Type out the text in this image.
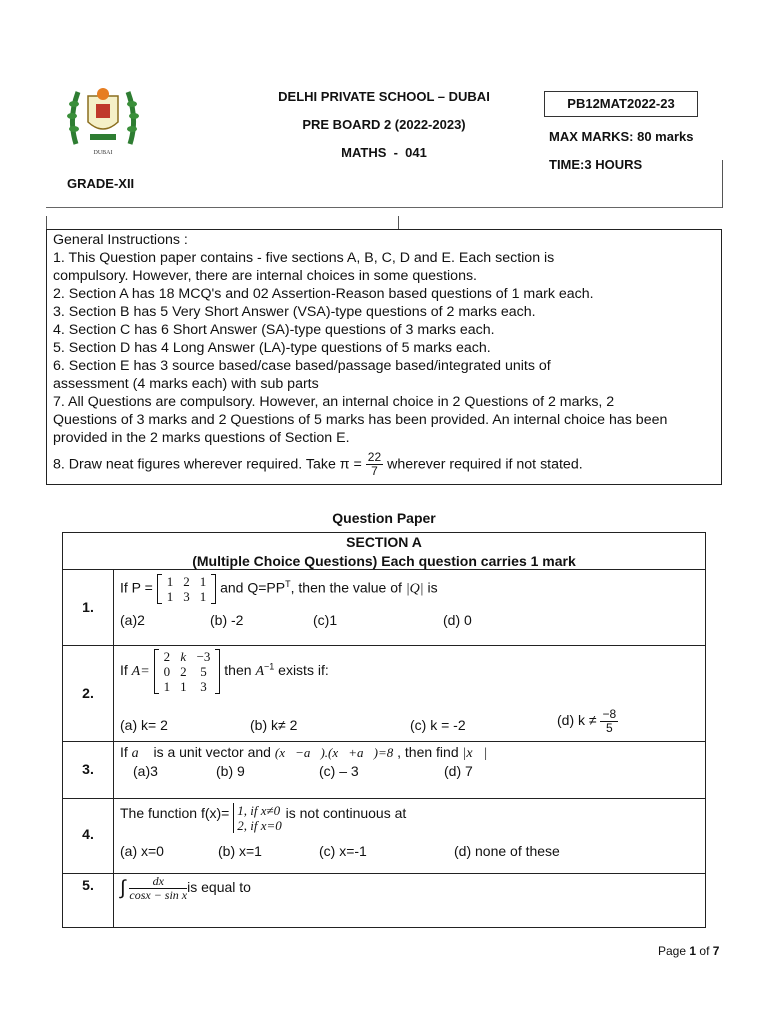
DUBAI
DELHI PRIVATE SCHOOL – DUBAI
PRE BOARD 2 (2022-2023)
MATHS  -  041
GRADE-XII
PB12MAT2022-23
MAX MARKS: 80 marks
TIME:3 HOURS

General Instructions :

1. This Question paper contains - five sections A, B, C, D and E. Each section is

compulsory. However, there are internal choices in some questions.

2. Section A has 18 MCQ's and 02 Assertion-Reason based questions of 1 mark each.

3. Section B has 5 Very Short Answer (VSA)-type questions of 2 marks each.

4. Section C has 6 Short Answer (SA)-type questions of 3 marks each.

5. Section D has 4 Long Answer (LA)-type questions of 5 marks each.

6. Section E has 3 source based/case based/passage based/integrated units of

assessment (4 marks each) with sub parts

7. All Questions are compulsory. However, an internal choice in 2 Questions of 2 marks, 2

Questions of 3 marks and 2 Questions of 5 marks has been provided. An internal choice has been

provided in the 2 marks questions of Section E.

8. Draw neat figures wherever required. Take $\pi = \frac{22}{7}$ wherever required if not stated.

Question Paper
SECTION A
(Multiple Choice Questions) Each question carries 1 mark
1.
If P = 1	2	1
1	3	1
and $Q=PP^T$, then the value of |Q| is
(a)2	(b) -2	(c)1	(d) 0
2.
If A=
2	k	−3
0	2	5
1	1	3
then $A^{-1}$ exists if:
(a) k= 2	(b) k≠ 2	(c) k = -2	(d) $k \ne \frac{-8}{5}$
3.
If a⃗ is a unit vector and (x⃗−a⃗).(x⃗+a⃗)=8 , then find |x⃗|
(a)3	(b) 9	(c) – 3	(d) 7
4.
The function f(x)= 1, if x≠0
2, if x=0
is not continuous at
(a) x=0	(b) x=1	(c) x=-1	(d) none of these
5.	∫ $\frac{dx}{\text{cosx − sin x}}$ is equal to
Page 1 of 7
